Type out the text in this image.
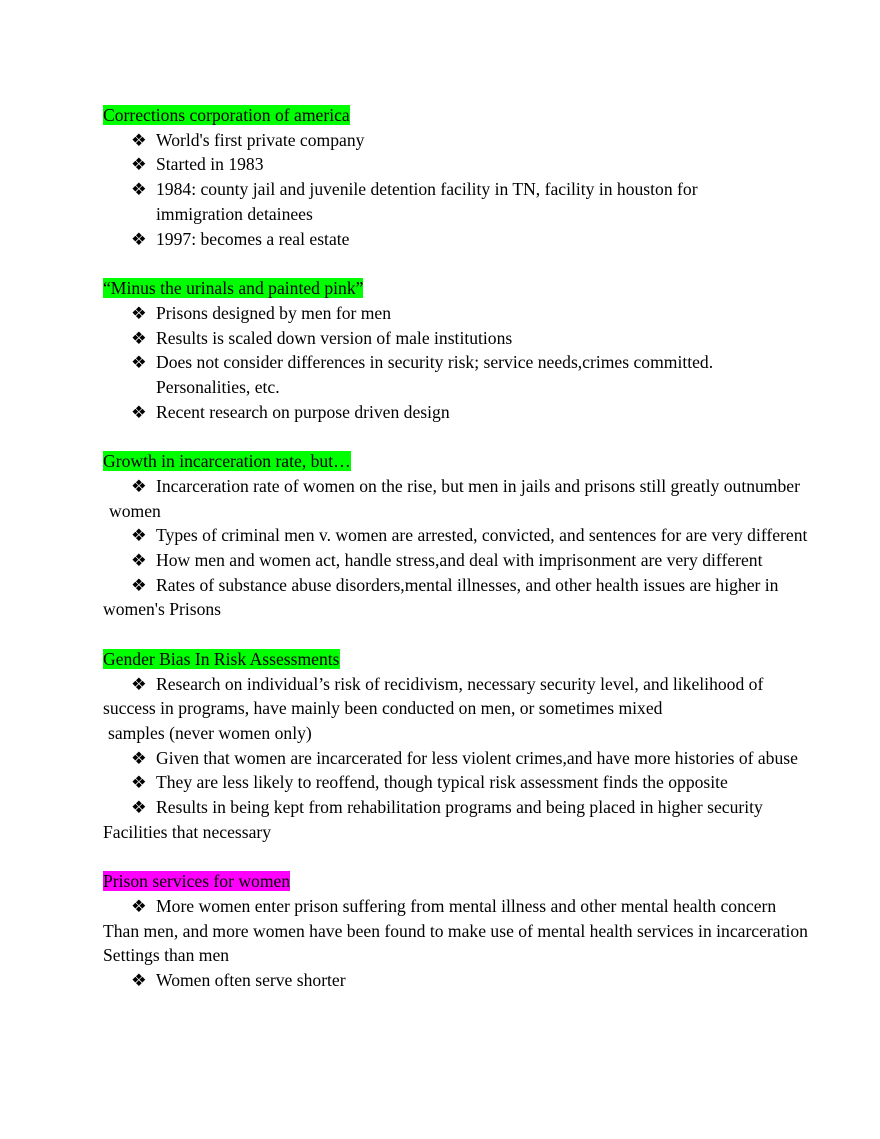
Corrections corporation of america
❖ World's first private company
❖ Started in 1983
❖ 1984: county jail and juvenile detention facility in TN, facility in houston for
immigration detainees
❖ 1997: becomes a real estate
“Minus the urinals and painted pink”
❖ Prisons designed by men for men
❖ Results is scaled down version of male institutions
❖ Does not consider differences in security risk; service needs,crimes committed.
Personalities, etc.
❖ Recent research on purpose driven design
Growth in incarceration rate, but…
❖ Incarceration rate of women on the rise, but men in jails and prisons still greatly outnumber
women
❖ Types of criminal men v. women are arrested, convicted, and sentences for are very different
❖ How men and women act, handle stress,and deal with imprisonment are very different
❖ Rates of substance abuse disorders,mental illnesses, and other health issues are higher in
women's Prisons
Gender Bias In Risk Assessments
❖ Research on individual’s risk of recidivism, necessary security level, and likelihood of
success in programs, have mainly been conducted on men, or sometimes mixed
samples (never women only)
❖ Given that women are incarcerated for less violent crimes,and have more histories of abuse
❖ They are less likely to reoffend, though typical risk assessment finds the opposite
❖ Results in being kept from rehabilitation programs and being placed in higher security
Facilities that necessary
Prison services for women
❖ More women enter prison suffering from mental illness and other mental health concern
Than men, and more women have been found to make use of mental health services in incarceration
Settings than men
❖ Women often serve shorter
